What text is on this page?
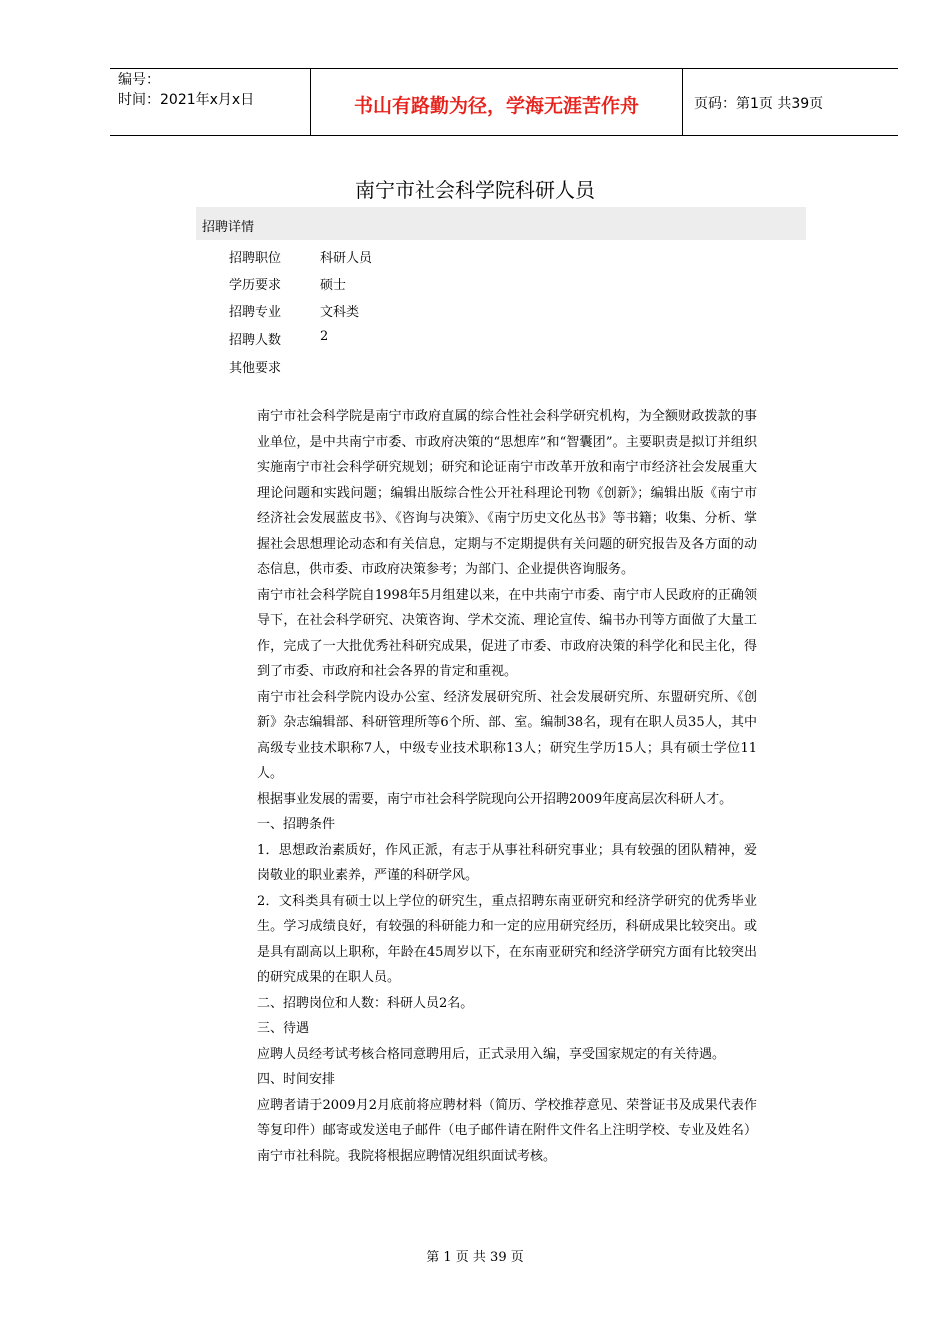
编号：
时间：2021年x月x日	书山有路勤为径，学海无涯苦作舟	页码：第1页 共39页
南宁市社会科学院科研人员
招聘详情
招聘职位	科研人员
学历要求	硕士
招聘专业	文科类
招聘人数	2
其他要求

南宁市社会科学院是南宁市政府直属的综合性社会科学研究机构，为全额财政拨款的事业单位，是中共南宁市委、市政府决策的“思想库”和“智囊团”。主要职责是拟订并组织实施南宁市社会科学研究规划；研究和论证南宁市改革开放和南宁市经济社会发展重大理论问题和实践问题；编辑出版综合性公开社科理论刊物《创新》；编辑出版《南宁市经济社会发展蓝皮书》、《咨询与决策》、《南宁历史文化丛书》等书籍；收集、分析、掌握社会思想理论动态和有关信息，定期与不定期提供有关问题的研究报告及各方面的动态信息，供市委、市政府决策参考；为部门、企业提供咨询服务。

南宁市社会科学院自1998年5月组建以来，在中共南宁市委、南宁市人民政府的正确领导下，在社会科学研究、决策咨询、学术交流、理论宣传、编书办刊等方面做了大量工作，完成了一大批优秀社科研究成果，促进了市委、市政府决策的科学化和民主化，得到了市委、市政府和社会各界的肯定和重视。

南宁市社会科学院内设办公室、经济发展研究所、社会发展研究所、东盟研究所、《创新》杂志编辑部、科研管理所等6个所、部、室。编制38名，现有在职人员35人，其中高级专业技术职称7人，中级专业技术职称13人；研究生学历15人；具有硕士学位11人。

根据事业发展的需要，南宁市社会科学院现向公开招聘2009年度高层次科研人才。

一、招聘条件

1．思想政治素质好，作风正派，有志于从事社科研究事业；具有较强的团队精神，爱岗敬业的职业素养，严谨的科研学风。

2．文科类具有硕士以上学位的研究生，重点招聘东南亚研究和经济学研究的优秀毕业生。学习成绩良好，有较强的科研能力和一定的应用研究经历，科研成果比较突出。或是具有副高以上职称，年龄在45周岁以下，在东南亚研究和经济学研究方面有比较突出的研究成果的在职人员。

二、招聘岗位和人数：科研人员2名。

三、待遇

应聘人员经考试考核合格同意聘用后，正式录用入编，享受国家规定的有关待遇。

四、时间安排

应聘者请于2009月2月底前将应聘材料（简历、学校推荐意见、荣誉证书及成果代表作等复印件）邮寄或发送电子邮件（电子邮件请在附件文件名上注明学校、专业及姓名）南宁市社科院。我院将根据应聘情况组织面试考核。

第 1 页 共 39 页
